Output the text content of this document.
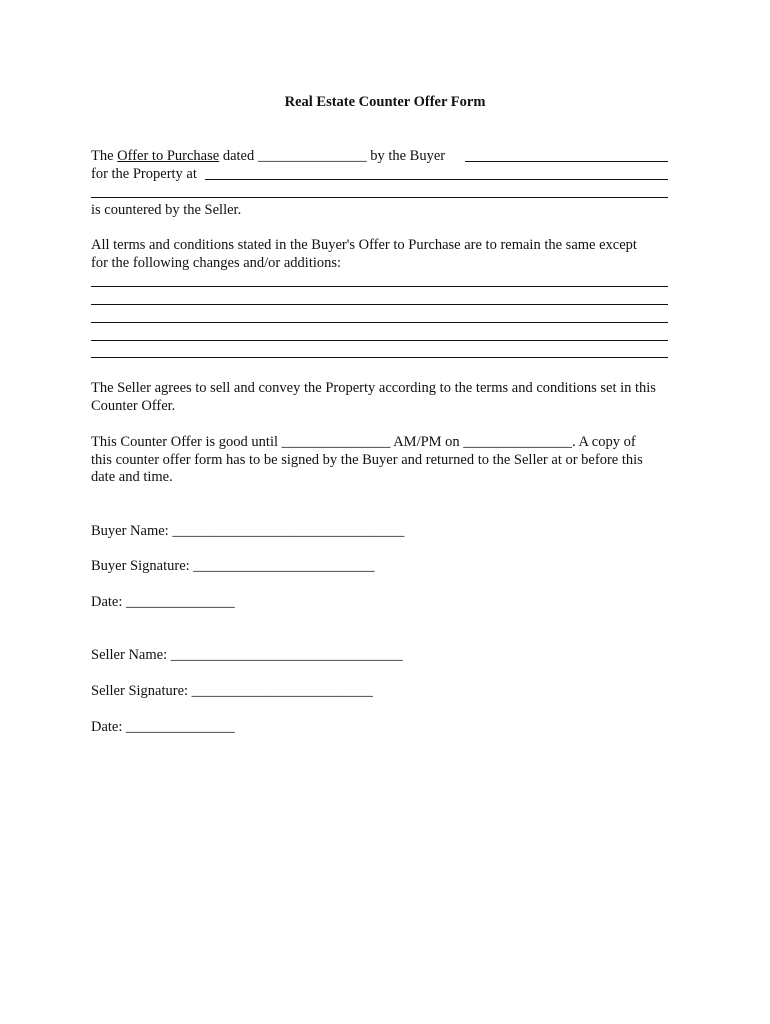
Real Estate Counter Offer Form
The Offer to Purchase dated _______________ by the Buyer
for the Property at
is countered by the Seller.
All terms and conditions stated in the Buyer's Offer to Purchase are to remain the same except
for the following changes and/or additions:
The Seller agrees to sell and convey the Property according to the terms and conditions set in this
Counter Offer.
This Counter Offer is good until _______________ AM/PM on _______________. A copy of
this counter offer form has to be signed by the Buyer and returned to the Seller at or before this
date and time.
Buyer Name: ________________________________
Buyer Signature: _________________________
Date: _______________
Seller Name: ________________________________
Seller Signature: _________________________
Date: _______________
